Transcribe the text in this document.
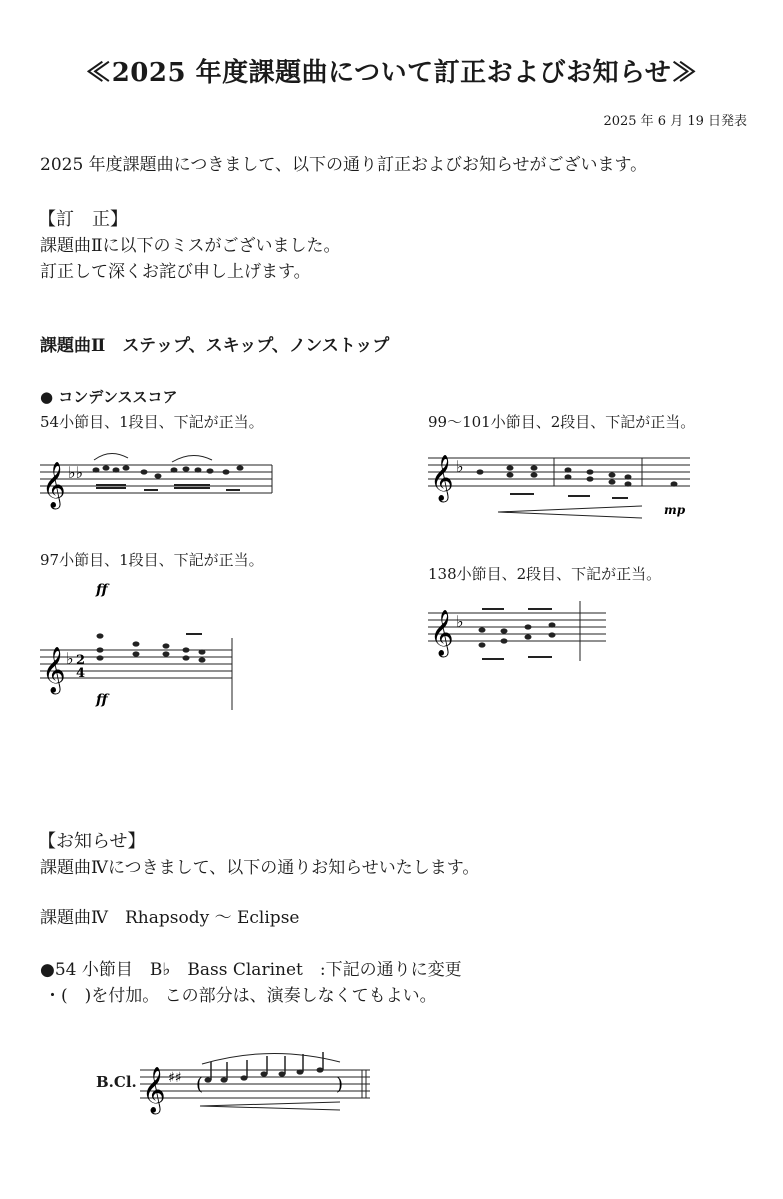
≪2025 年度課題曲について訂正およびお知らせ≫
2025 年 6 月 19 日発表
2025 年度課題曲につきまして、以下の通り訂正およびお知らせがございます。
【訂　正】
課題曲Ⅱに以下のミスがございました。
訂正して深くお詫び申し上げます。
課題曲Ⅱ　ステップ、スキップ、ノンストップ
● コンデンススコア
54小節目、1段目、下記が正当。	99〜101小節目、2段目、下記が正当。
97小節目、1段目、下記が正当。
138小節目、2段目、下記が正当。
𝄞 ♭♭	𝄞 ♭
mp
𝄞 ♭ 2
4
ff
ff
𝄞 ♭
【お知らせ】
課題曲Ⅳにつきまして、以下の通りお知らせいたします。
課題曲Ⅳ　Rhapsody 〜 Eclipse
●54 小節目　B♭　Bass Clarinet　:下記の通りに変更
・(　)を付加。 この部分は、演奏しなくてもよい。
B.Cl. 𝄞 ♯♯ (	)
